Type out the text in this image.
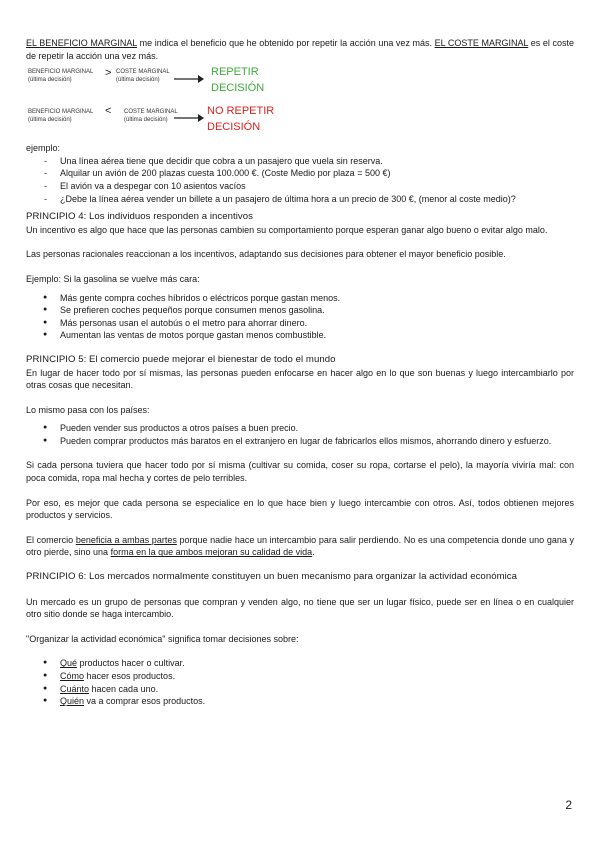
EL BENEFICIO MARGINAL me indica el beneficio que he obtenido por repetir la acción una vez más. EL COSTE MARGINAL es el coste de repetir la acción una vez más.

BENEFICIO MARGINAL
(última decisión)
> COSTE MARGINAL
(última decisión)
REPETIR
DECISIÓN
BENEFICIO MARGINAL
(última decisión)
< COSTE MARGINAL
(última decisión)
NO REPETIR
DECISIÓN

ejemplo:

- Una línea aérea tiene que decidir que cobra a un pasajero que vuela sin reserva.
- Alquilar un avión de 200 plazas cuesta 100.000 €. (Coste Medio por plaza = 500 €)
- El avión va a despegar con 10 asientos vacíos
- ¿Debe la línea aérea vender un billete a un pasajero de última hora a un precio de 300 €, (menor al coste medio)?

PRINCIPIO 4: Los individuos responden a incentivos

Un incentivo es algo que hace que las personas cambien su comportamiento porque esperan ganar algo bueno o evitar algo malo.

Las personas racionales reaccionan a los incentivos, adaptando sus decisiones para obtener el mayor beneficio posible.

Ejemplo: Si la gasolina se vuelve más cara:

● Más gente compra coches híbridos o eléctricos porque gastan menos.
● Se prefieren coches pequeños porque consumen menos gasolina.
● Más personas usan el autobús o el metro para ahorrar dinero.
● Aumentan las ventas de motos porque gastan menos combustible.

PRINCIPIO 5: El comercio puede mejorar el bienestar de todo el mundo

En lugar de hacer todo por sí mismas, las personas pueden enfocarse en hacer algo en lo que son buenas y luego intercambiarlo por otras cosas que necesitan.

Lo mismo pasa con los países:

● Pueden vender sus productos a otros países a buen precio.
● Pueden comprar productos más baratos en el extranjero en lugar de fabricarlos ellos mismos, ahorrando dinero y esfuerzo.

Si cada persona tuviera que hacer todo por sí misma (cultivar su comida, coser su ropa, cortarse el pelo), la mayoría viviría mal: con poca comida, ropa mal hecha y cortes de pelo terribles.

Por eso, es mejor que cada persona se especialice en lo que hace bien y luego intercambie con otros. Así, todos obtienen mejores productos y servicios.

El comercio beneficia a ambas partes porque nadie hace un intercambio para salir perdiendo. No es una competencia donde uno gana y otro pierde, sino una forma en la que ambos mejoran su calidad de vida.

PRINCIPIO 6: Los mercados normalmente constituyen un buen mecanismo para organizar la actividad económica

Un mercado es un grupo de personas que compran y venden algo, no tiene que ser un lugar físico, puede ser en línea o en cualquier otro sitio donde se haga intercambio.

"Organizar la actividad económica" significa tomar decisiones sobre:

● Qué productos hacer o cultivar.
● Cómo hacer esos productos.
● Cuánto hacen cada uno.
● Quién va a comprar esos productos.
2
